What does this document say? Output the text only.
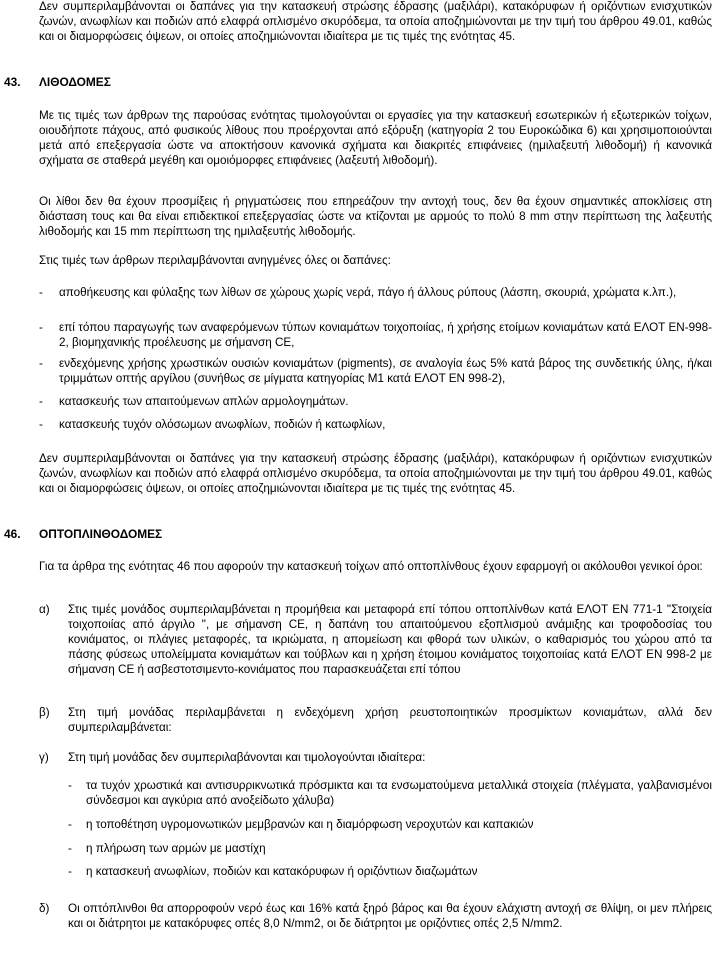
Δεν συμπεριλαμβάνονται οι δαπάνες για την κατασκευή στρώσης έδρασης (μαξιλάρι), κατακόρυφων ή οριζόντιων ενισχυτικών ζωνών, ανωφλίων και ποδιών από ελαφρά οπλισμένο σκυρόδεμα, τα οποία αποζημιώνονται με την τιμή του άρθρου 49.01, καθώς και οι διαμορφώσεις όψεων, οι οποίες αποζημιώνονται ιδιαίτερα με τις τιμές της ενότητας 45.

43. ΛΙΘΟΔΟΜΕΣ

Με τις τιμές των άρθρων της παρούσας ενότητας τιμολογούνται οι εργασίες για την κατασκευή εσωτερικών ή εξωτερικών τοίχων, οιουδήποτε πάχους, από φυσικούς λίθους που προέρχονται από εξόρυξη (κατηγορία 2 του Ευροκώδικα 6) και χρησιμοποιούνται μετά από επεξεργασία ώστε να αποκτήσουν κανονικά σχήματα και διακριτές επιφάνειες (ημιλαξευτή λιθοδομή) ή κανονικά σχήματα σε σταθερά μεγέθη και ομοιόμορφες επιφάνειες (λαξευτή λιθοδομή).

Οι λίθοι δεν θα έχουν προσμίξεις ή ρηγματώσεις που επηρεάζουν την αντοχή τους, δεν θα έχουν σημαντικές αποκλίσεις στη διάσταση τους και θα είναι επιδεκτικοί επεξεργασίας ώστε να κτίζονται με αρμούς το πολύ 8 mm στην περίπτωση της λαξευτής λιθοδομής και 15 mm περίπτωση της ημιλαξευτής λιθοδομής.

Στις τιμές των άρθρων περιλαμβάνονται ανηγμένες όλες οι δαπάνες:

- αποθήκευσης και φύλαξης των λίθων σε χώρους χωρίς νερά, πάγο ή άλλους ρύπους (λάσπη, σκουριά, χρώματα κ.λπ.),

- επί τόπου παραγωγής των αναφερόμενων τύπων κονιαμάτων τοιχοποιίας, ή χρήσης ετοίμων κονιαμάτων κατά ΕΛΟΤ ΕΝ-998-2, βιομηχανικής προέλευσης με σήμανση CE,

- ενδεχόμενης χρήσης χρωστικών ουσιών κονιαμάτων (pigments), σε αναλογία έως 5% κατά βάρος της συνδετικής ύλης, ή/και τριμμάτων οπτής αργίλου (συνήθως σε μίγματα κατηγορίας Μ1 κατά ΕΛΟΤ ΕΝ 998-2),

- κατασκευής των απαιτούμενων απλών αρμολογημάτων.

- κατασκευής τυχόν ολόσωμων ανωφλίων, ποδιών ή κατωφλίων,

Δεν συμπεριλαμβάνονται οι δαπάνες για την κατασκευή στρώσης έδρασης (μαξιλάρι), κατακόρυφων ή οριζόντιων ενισχυτικών ζωνών, ανωφλίων και ποδιών από ελαφρά οπλισμένο σκυρόδεμα, τα οποία αποζημιώνονται με την τιμή του άρθρου 49.01, καθώς και οι διαμορφώσεις όψεων, οι οποίες αποζημιώνονται ιδιαίτερα με τις τιμές της ενότητας 45.

46. ΟΠΤΟΠΛΙΝΘΟΔΟΜΕΣ

Για τα άρθρα της ενότητας 46 που αφορούν την κατασκευή τοίχων από οπτοπλίνθους έχουν εφαρμογή οι ακόλουθοι γενικοί όροι:

α) Στις τιμές μονάδος συμπεριλαμβάνεται η προμήθεια και μεταφορά επί τόπου οπτοπλίνθων κατά ΕΛΟΤ ΕΝ 771-1 "Στοιχεία τοιχοποιίας από άργιλο ", με σήμανση CE, η δαπάνη του απαιτούμενου εξοπλισμού ανάμιξης και τροφοδοσίας του κονιάματος, οι πλάγιες μεταφορές, τα ικριώματα, η απομείωση και φθορά των υλικών, ο καθαρισμός του χώρου από τα πάσης φύσεως υπολείμματα κονιαμάτων και τούβλων και η χρήση έτοιμου κονιάματος τοιχοποιίας κατά ΕΛΟΤ ΕΝ 998-2 με σήμανση CE ή ασβεστοτσιμεντο-κονιάματος που παρασκευάζεται επί τόπου

β) Στη τιμή μονάδας περιλαμβάνεται η ενδεχόμενη χρήση ρευστοποιητικών προσμίκτων κονιαμάτων, αλλά δεν συμπεριλαμβάνεται:

γ) Στη τιμή μονάδας δεν συμπεριλαβάνονται και τιμολογούνται ιδιαίτερα:

- τα τυχόν χρωστικά και αντισυρρικνωτικά πρόσμικτα και τα ενσωματούμενα μεταλλικά στοιχεία (πλέγματα, γαλβανισμένοι σύνδεσμοι και αγκύρια από ανοξείδωτο χάλυβα)

- η τοποθέτηση υγρομονωτικών μεμβρανών και η διαμόρφωση νεροχυτών και καπακιών

- η πλήρωση των αρμών με μαστίχη

- η κατασκευή ανωφλίων, ποδιών και κατακόρυφων ή οριζόντιων διαζωμάτων

δ) Οι οπτόπλινθοι θα απορροφούν νερό έως και 16% κατά ξηρό βάρος και θα έχουν ελάχιστη αντοχή σε θλίψη, οι μεν πλήρεις και οι διάτρητοι με κατακόρυφες οπές 8,0 N/mm2, οι δε διάτρητοι με οριζόντιες οπές 2,5 N/mm2.
